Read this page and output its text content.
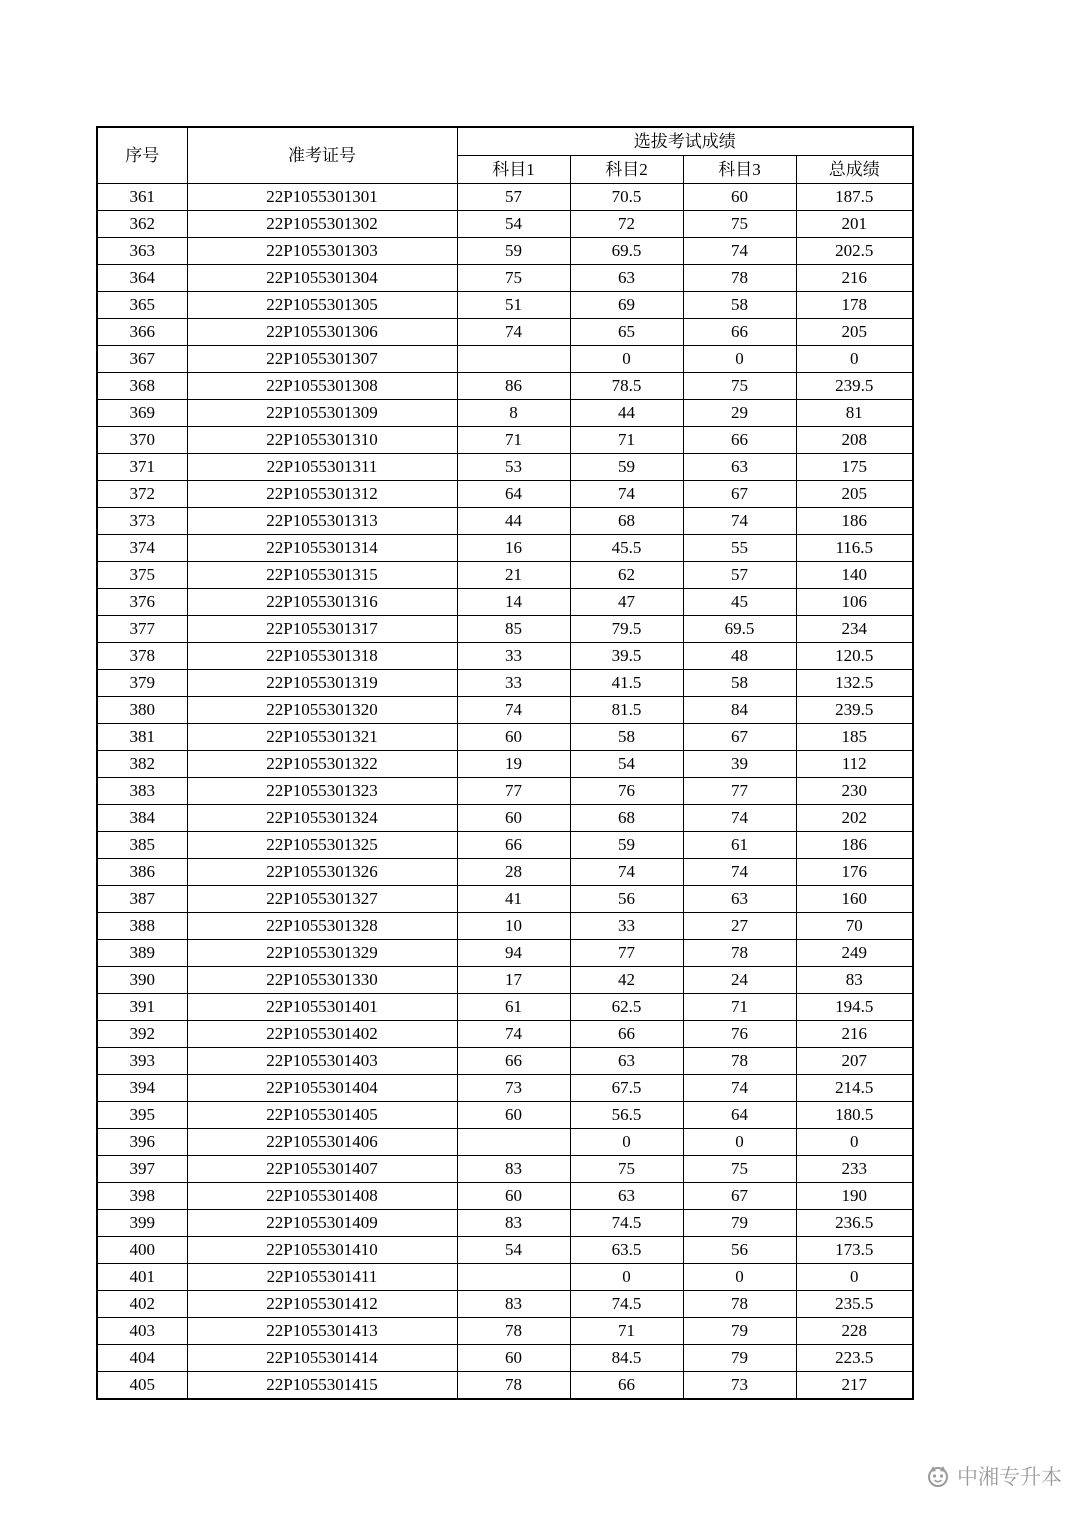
序号	准考证号	选拔考试成绩			
		科目1	科目2	科目3	总成绩
361	22P1055301301	57	70.5	60	187.5
362	22P1055301302	54	72	75	201
363	22P1055301303	59	69.5	74	202.5
364	22P1055301304	75	63	78	216
365	22P1055301305	51	69	58	178
366	22P1055301306	74	65	66	205
367	22P1055301307		0	0	0
368	22P1055301308	86	78.5	75	239.5
369	22P1055301309	8	44	29	81
370	22P1055301310	71	71	66	208
371	22P1055301311	53	59	63	175
372	22P1055301312	64	74	67	205
373	22P1055301313	44	68	74	186
374	22P1055301314	16	45.5	55	116.5
375	22P1055301315	21	62	57	140
376	22P1055301316	14	47	45	106
377	22P1055301317	85	79.5	69.5	234
378	22P1055301318	33	39.5	48	120.5
379	22P1055301319	33	41.5	58	132.5
380	22P1055301320	74	81.5	84	239.5
381	22P1055301321	60	58	67	185
382	22P1055301322	19	54	39	112
383	22P1055301323	77	76	77	230
384	22P1055301324	60	68	74	202
385	22P1055301325	66	59	61	186
386	22P1055301326	28	74	74	176
387	22P1055301327	41	56	63	160
388	22P1055301328	10	33	27	70
389	22P1055301329	94	77	78	249
390	22P1055301330	17	42	24	83
391	22P1055301401	61	62.5	71	194.5
392	22P1055301402	74	66	76	216
393	22P1055301403	66	63	78	207
394	22P1055301404	73	67.5	74	214.5
395	22P1055301405	60	56.5	64	180.5
396	22P1055301406		0	0	0
397	22P1055301407	83	75	75	233
398	22P1055301408	60	63	67	190
399	22P1055301409	83	74.5	79	236.5
400	22P1055301410	54	63.5	56	173.5
401	22P1055301411		0	0	0
402	22P1055301412	83	74.5	78	235.5
403	22P1055301413	78	71	79	228
404	22P1055301414	60	84.5	79	223.5
405	22P1055301415	78	66	73	217
中湘专升本
